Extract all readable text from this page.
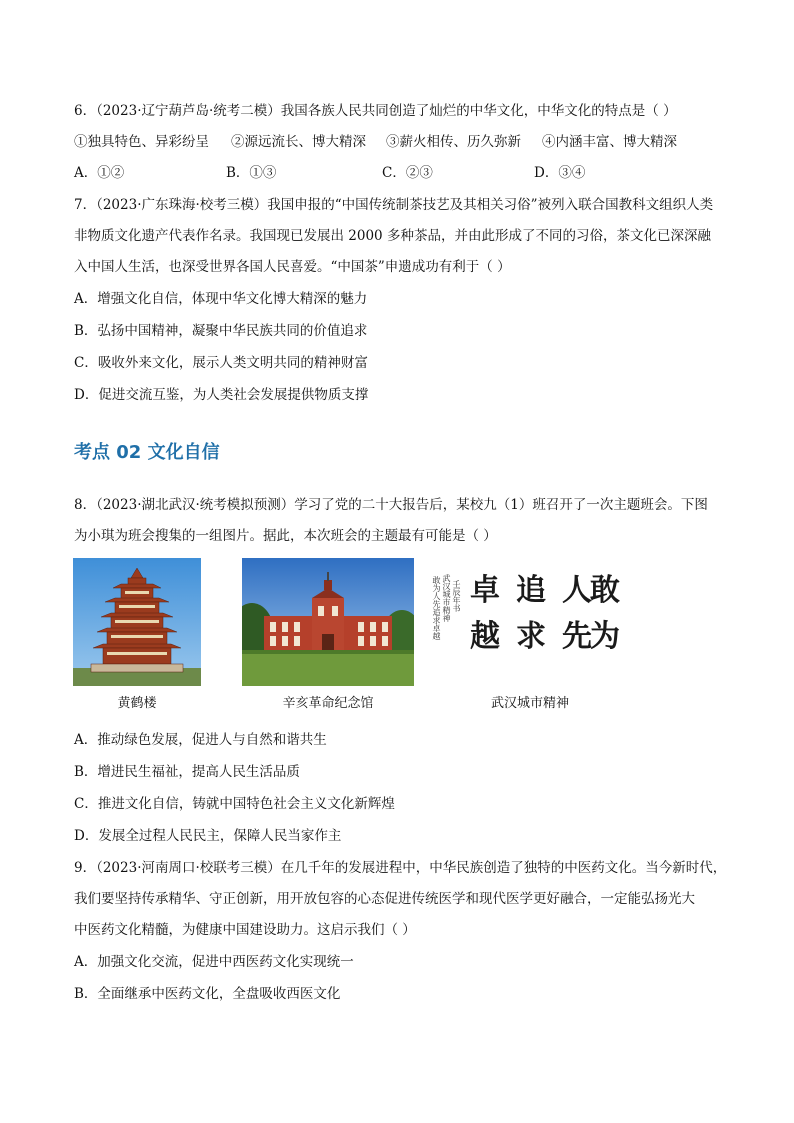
6．（2023·辽宁葫芦岛·统考二模）我国各族人民共同创造了灿烂的中华文化，中华文化的特点是（ ）
①独具特色、异彩纷呈 ②源远流长、博大精深 ③薪火相传、历久弥新 ④内涵丰富、博大精深
A．①②	B．①③	C．②③	D．③④
7．（2023·广东珠海·校考三模）我国申报的“中国传统制茶技艺及其相关习俗”被列入联合国教科文组织人类
非物质文化遗产代表作名录。我国现已发展出 2000 多种茶品，并由此形成了不同的习俗，茶文化已深深融
入中国人生活，也深受世界各国人民喜爱。“中国茶”申遗成功有利于（ ）
A．增强文化自信，体现中华文化博大精深的魅力
B．弘扬中国精神，凝聚中华民族共同的价值追求
C．吸收外来文化，展示人类文明共同的精神财富
D．促进交流互鉴，为人类社会发展提供物质支撑
考点 02 文化自信
8．（2023·湖北武汉·统考模拟预测）学习了党的二十大报告后，某校九（1）班召开了一次主题班会。下图
为小琪为班会搜集的一组图片。据此，本次班会的主题最有可能是（ ）
敢为人先追求卓越 武汉城市精神 壬辰年书 卓 追 人
敢
越 求 先
为
黄鹤楼	辛亥革命纪念馆	武汉城市精神
A．推动绿色发展，促进人与自然和谐共生
B．增进民生福祉，提高人民生活品质
C．推进文化自信，铸就中国特色社会主义文化新辉煌
D．发展全过程人民民主，保障人民当家作主
9．（2023·河南周口·校联考三模）在几千年的发展进程中，中华民族创造了独特的中医药文化。当今新时代，
我们要坚持传承精华、守正创新，用开放包容的心态促进传统医学和现代医学更好融合，一定能弘扬光大
中医药文化精髓，为健康中国建设助力。这启示我们（ ）
A．加强文化交流，促进中西医药文化实现统一
B．全面继承中医药文化，全盘吸收西医文化
